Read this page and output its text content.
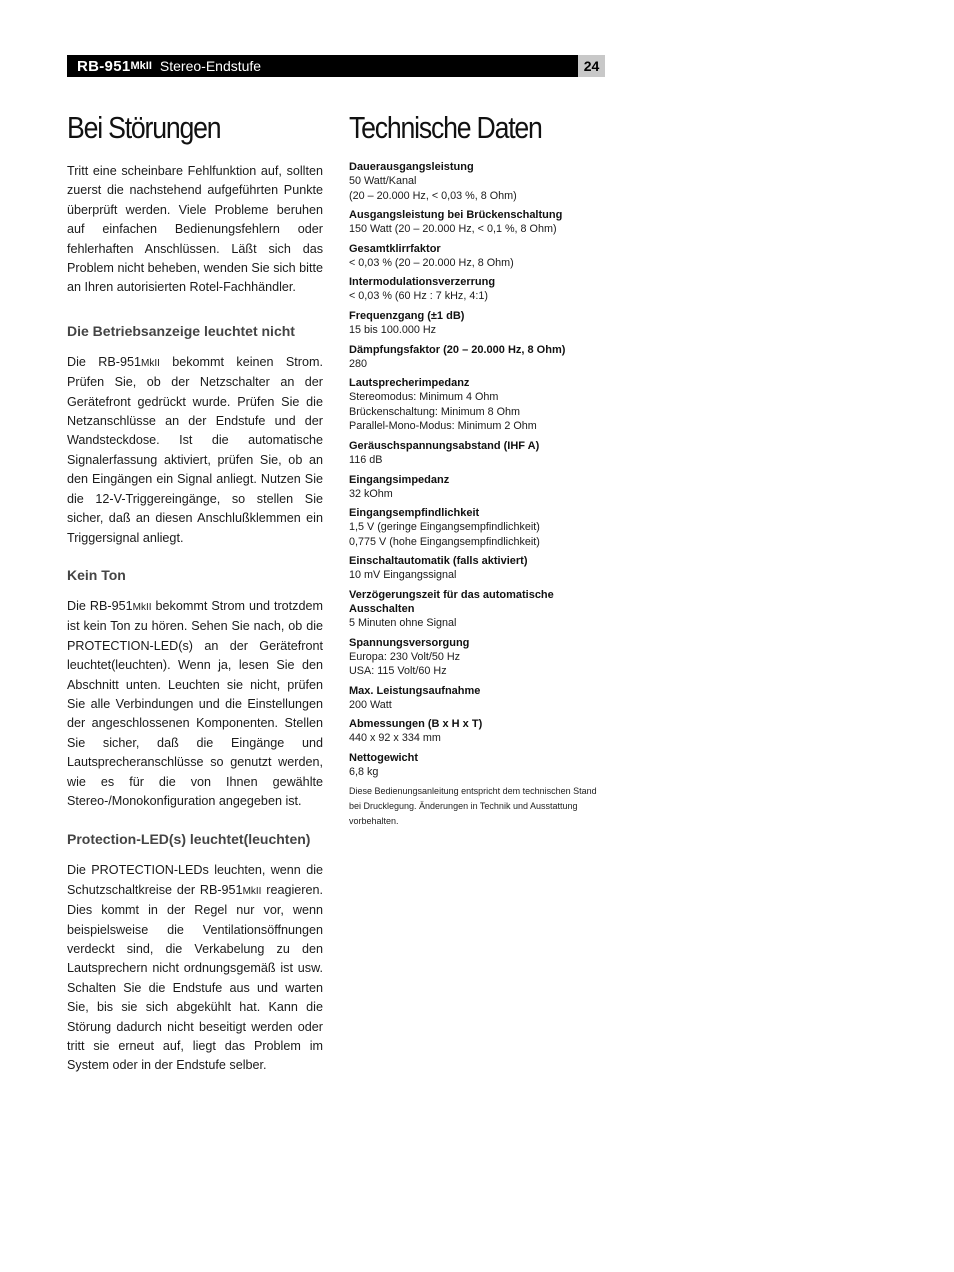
RB-951 MkII Stereo-Endstufe	24
Bei Störungen

Tritt eine scheinbare Fehlfunktion auf, sollten zuerst die nachstehend aufgeführten Punkte überprüft werden. Viele Probleme beruhen auf einfachen Bedienungsfehlern oder fehlerhaften Anschlüssen. Läßt sich das Problem nicht beheben, wenden Sie sich bitte an Ihren autorisierten Rotel-Fachhändler.

Die Betriebsanzeige leuchtet nicht

Die RB-951MkII bekommt keinen Strom. Prüfen Sie, ob der Netzschalter an der Gerätefront gedrückt wurde. Prüfen Sie die Netzanschlüsse an der Endstufe und der Wandsteckdose. Ist die automatische Signalerfassung aktiviert, prüfen Sie, ob an den Eingängen ein Signal anliegt. Nutzen Sie die 12-V-Triggereingänge, so stellen Sie sicher, daß an diesen Anschlußklemmen ein Triggersignal anliegt.

Kein Ton

Die RB-951MkII bekommt Strom und trotzdem ist kein Ton zu hören. Sehen Sie nach, ob die PROTECTION-LED(s) an der Gerätefront leuchtet(leuchten). Wenn ja, lesen Sie den Abschnitt unten. Leuchten sie nicht, prüfen Sie alle Verbindungen und die Einstellungen der angeschlossenen Komponenten. Stellen Sie sicher, daß die Eingänge und Lautsprecheranschlüsse so genutzt werden, wie es für die von Ihnen gewählte Stereo-/Monokonfiguration angegeben ist.

Protection-LED(s) leuchtet(leuchten)

Die PROTECTION-LEDs leuchten, wenn die Schutzschaltkreise der RB-951MkII reagieren. Dies kommt in der Regel nur vor, wenn beispielsweise die Ventilationsöffnungen verdeckt sind, die Verkabelung zu den Lautsprechern nicht ordnungsgemäß ist usw. Schalten Sie die Endstufe aus und warten Sie, bis sie sich abgekühlt hat. Kann die Störung dadurch nicht beseitigt werden oder tritt sie erneut auf, liegt das Problem im System oder in der Endstufe selber.

Technische Daten
Dauerausgangsleistung
50 Watt/Kanal
(20 – 20.000 Hz, < 0,03 %, 8 Ohm)
Ausgangsleistung bei Brückenschaltung
150 Watt (20 – 20.000 Hz, < 0,1 %, 8 Ohm)
Gesamtklirrfaktor
< 0,03 % (20 – 20.000 Hz, 8 Ohm)
Intermodulationsverzerrung
< 0,03 % (60 Hz : 7 kHz, 4:1)
Frequenzgang (±1 dB)
15 bis 100.000 Hz
Dämpfungsfaktor (20 – 20.000 Hz, 8 Ohm)
280
Lautsprecherimpedanz
Stereomodus: Minimum 4 Ohm
Brückenschaltung: Minimum 8 Ohm
Parallel-Mono-Modus: Minimum 2 Ohm
Geräuschspannungsabstand (IHF A)
116 dB
Eingangsimpedanz
32 kOhm
Eingangsempfindlichkeit
1,5 V (geringe Eingangsempfindlichkeit)
0,775 V (hohe Eingangsempfindlichkeit)
Einschaltautomatik (falls aktiviert)
10 mV Eingangssignal
Verzögerungszeit für das automatische Ausschalten
5 Minuten ohne Signal
Spannungsversorgung
Europa: 230 Volt/50 Hz
USA: 115 Volt/60 Hz
Max. Leistungsaufnahme
200 Watt
Abmessungen (B x H x T)
440 x 92 x 334 mm
Nettogewicht
6,8 kg
Diese Bedienungsanleitung entspricht dem technischen Stand bei Drucklegung. Änderungen in Technik und Ausstattung vorbehalten.
